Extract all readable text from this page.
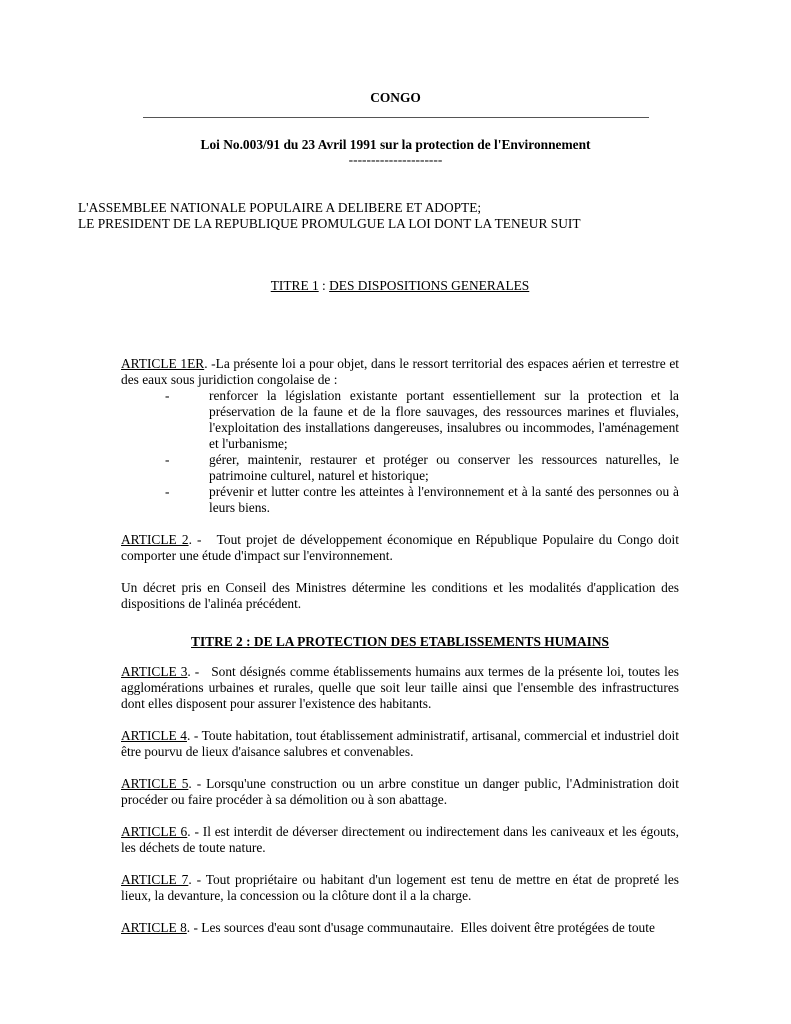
CONGO
Loi No.003/91 du 23 Avril 1991 sur la protection de l'Environnement
---------------------
L'ASSEMBLEE NATIONALE POPULAIRE A DELIBERE ET ADOPTE;
LE PRESIDENT DE LA REPUBLIQUE PROMULGUE LA LOI DONT LA TENEUR SUIT
TITRE 1 : DES DISPOSITIONS GENERALES

ARTICLE 1ER. -La présente loi a pour objet, dans le ressort territorial des espaces aérien et terrestre et des eaux sous juridiction congolaise de :

-	renforcer la législation existante portant essentiellement sur la protection et la préservation de la faune et de la flore sauvages, des ressources marines et fluviales, l'exploitation des installations dangereuses, insalubres ou incommodes, l'aménagement et l'urbanisme;
-	gérer, maintenir, restaurer et protéger ou conserver les ressources naturelles, le patrimoine culturel, naturel et historique;
-	prévenir et lutter contre les atteintes à l'environnement et à la santé des personnes ou à leurs biens.

ARTICLE 2. -   Tout projet de développement économique en République Populaire du Congo doit comporter une étude d'impact sur l'environnement.

Un décret pris en Conseil des Ministres détermine les conditions et les modalités d'application des dispositions de l'alinéa précédent.

TITRE 2 : DE LA PROTECTION DES ETABLISSEMENTS HUMAINS

ARTICLE 3. -   Sont désignés comme établissements humains aux termes de la présente loi, toutes les agglomérations urbaines et rurales, quelle que soit leur taille ainsi que l'ensemble des infrastructures dont elles disposent pour assurer l'existence des habitants.

ARTICLE 4. - Toute habitation, tout établissement administratif, artisanal, commercial et industriel doit être pourvu de lieux d'aisance salubres et convenables.

ARTICLE 5. - Lorsqu'une construction ou un arbre constitue un danger public, l'Administration doit procéder ou faire procéder à sa démolition ou à son abattage.

ARTICLE 6. - Il est interdit de déverser directement ou indirectement dans les caniveaux et les égouts, les déchets de toute nature.

ARTICLE 7. - Tout propriétaire ou habitant d'un logement est tenu de mettre en état de propreté les lieux, la devanture, la concession ou la clôture dont il a la charge.

ARTICLE 8. - Les sources d'eau sont d'usage communautaire.  Elles doivent être protégées de toute
